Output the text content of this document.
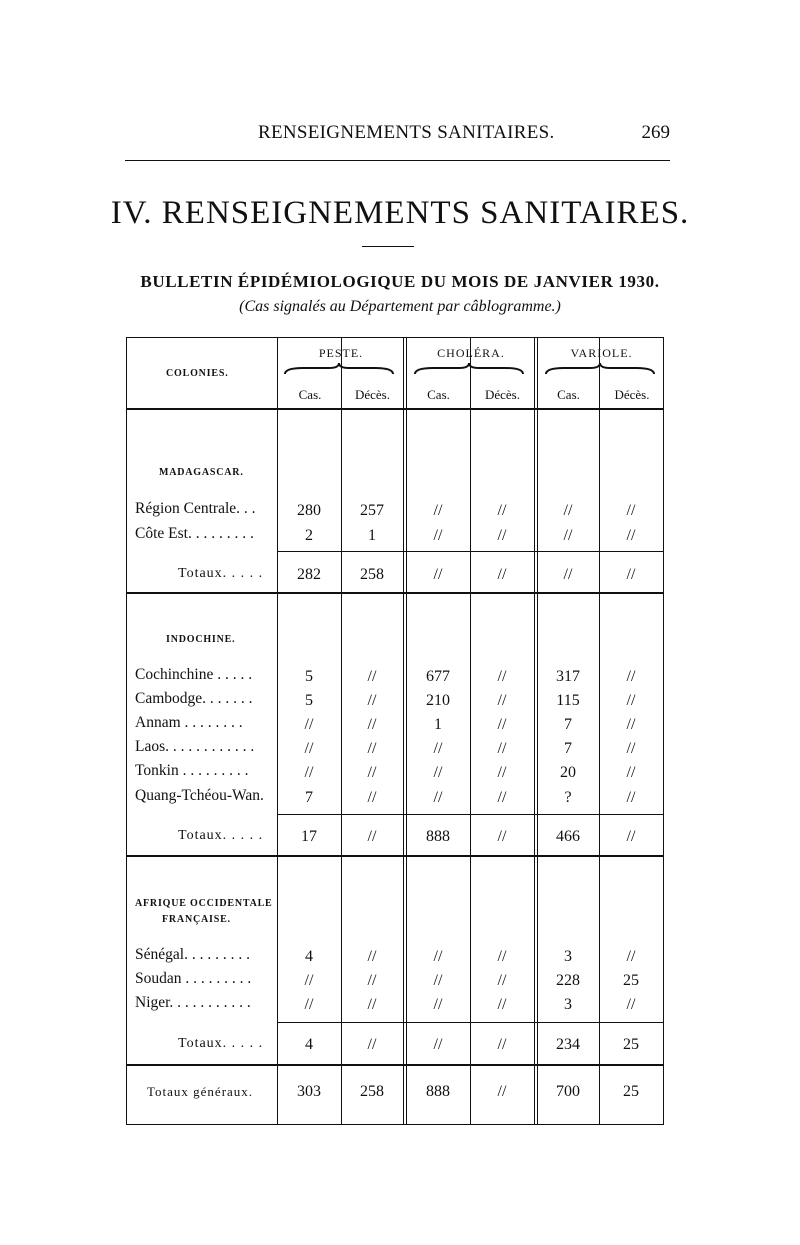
RENSEIGNEMENTS SANITAIRES.	269
IV. RENSEIGNEMENTS SANITAIRES.
BULLETIN ÉPIDÉMIOLOGIQUE DU MOIS DE JANVIER 1930.
(Cas signalés au Département par câblogramme.)
COLONIES.
PESTE.	CHOLÉRA.	VARIOLE.
Cas.	Décès.	Cas.	Décès.	Cas.	Décès.
MADAGASCAR.
Région Centrale. . .	280	257	//	//	//	//
Côte Est. . . . . . . . .	2	1	//	//	//	//
Totaux. . . . .	282	258	//	//	//	//
INDOCHINE.
Cochinchine . . . . .	5	//	677	//	317	//
Cambodge. . . . . . .	5	//	210	//	115	//
Annam . . . . . . . .	//	//	1	//	7	//
Laos. . . . . . . . . . . .	//	//	//	//	7	//
Tonkin . . . . . . . . .	//	//	//	//	20	//
Quang-Tchéou-Wan.	7	//	//	//	?	//
Totaux. . . . .	17	//	888	//	466	//
AFRIQUE OCCIDENTALE
FRANÇAISE.
Sénégal. . . . . . . . .	4	//	//	//	3	//
Soudan . . . . . . . . .	//	//	//	//	228	25
Niger. . . . . . . . . . .	//	//	//	//	3	//
Totaux. . . . .	4	//	//	//	234	25
Totaux généraux.	303	258	888	//	700	25
